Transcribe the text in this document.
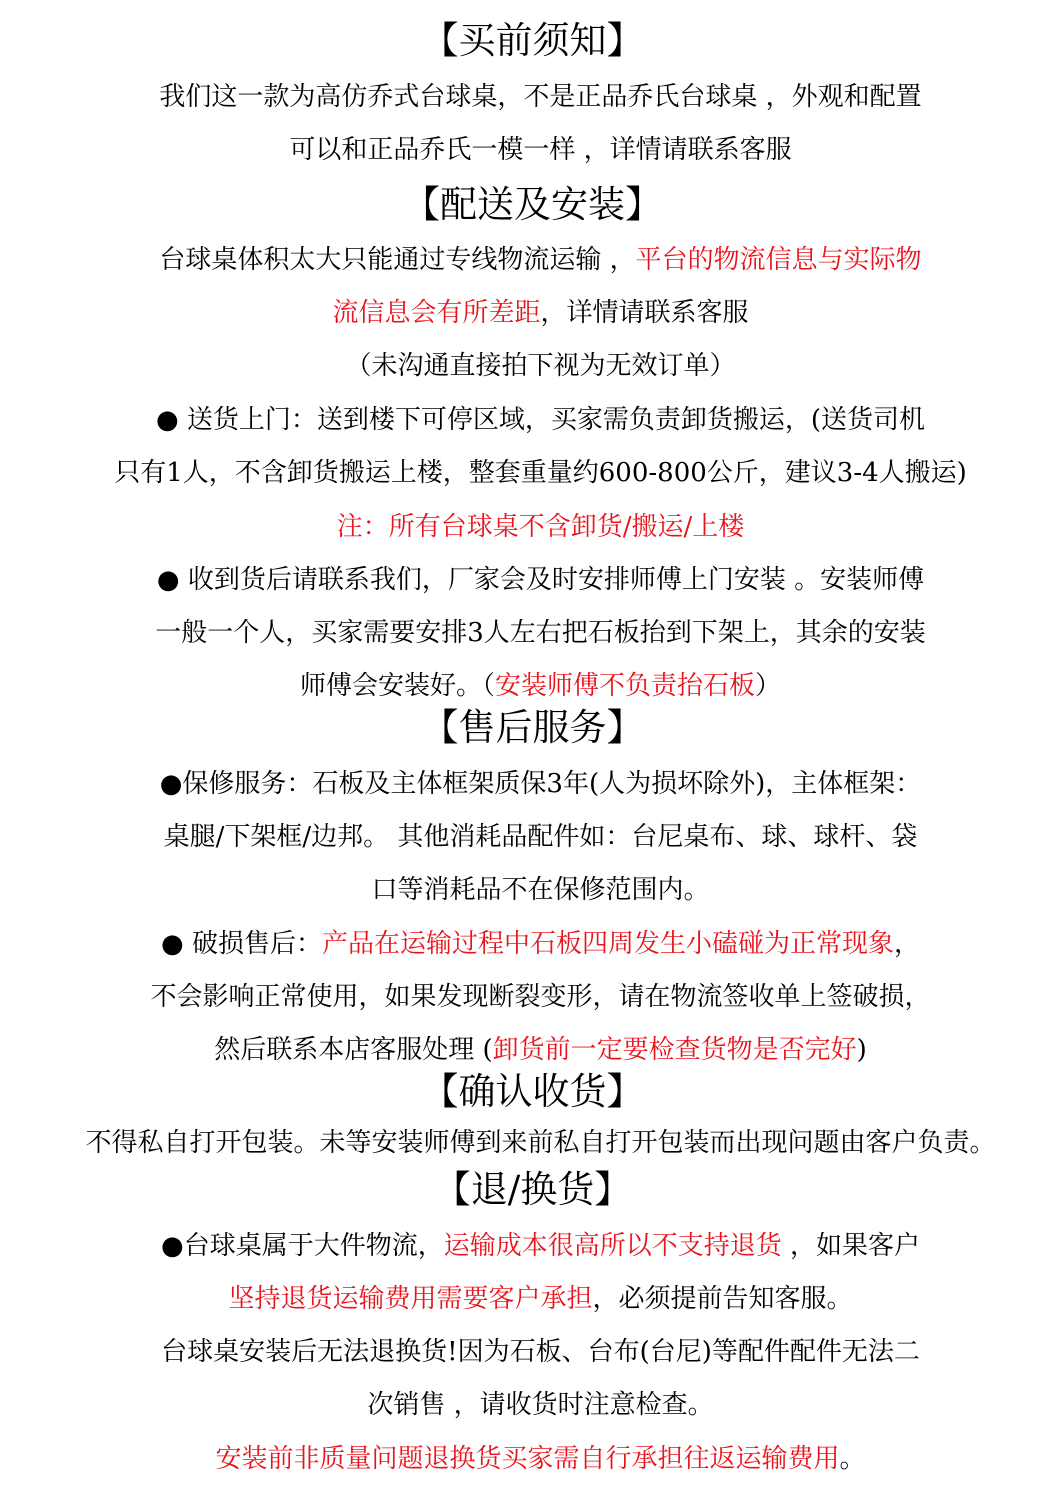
【买前须知】

我们这一款为高仿乔式台球桌，不是正品乔氏台球桌 ，外观和配置

可以和正品乔氏一模一样 ，详情请联系客服

【配送及安装】

台球桌体积太大只能通过专线物流运输 ，平台的物流信息与实际物

流信息会有所差距，详情请联系客服

（未沟通直接拍下视为无效订单）

● 送货上门：送到楼下可停区域，买家需负责卸货搬运，(送货司机

只有1人，不含卸货搬运上楼，整套重量约600-800公斤，建议3-4人搬运)

注：所有台球桌不含卸货/搬运/上楼

● 收到货后请联系我们，厂家会及时安排师傅上门安装 。安装师傅

一般一个人，买家需要安排3人左右把石板抬到下架上，其余的安装

师傅会安装好。（安装师傅不负责抬石板）

【售后服务】

●保修服务：石板及主体框架质保3年(人为损坏除外)，主体框架：

桌腿/下架框/边邦。 其他消耗品配件如：台尼桌布、球、球杆、袋

口等消耗品不在保修范围内。

● 破损售后：产品在运输过程中石板四周发生小磕碰为正常现象，

不会影响正常使用，如果发现断裂变形，请在物流签收单上签破损，

然后联系本店客服处理 (卸货前一定要检查货物是否完好)

【确认收货】

不得私自打开包装。未等安装师傅到来前私自打开包装而出现问题由客户负责。

【退/换货】

●台球桌属于大件物流，运输成本很高所以不支持退货 ，如果客户

坚持退货运输费用需要客户承担，必须提前告知客服。

台球桌安装后无法退换货!因为石板、台布(台尼)等配件配件无法二

次销售 ，请收货时注意检查。

安装前非质量问题退换货买家需自行承担往返运输费用。
